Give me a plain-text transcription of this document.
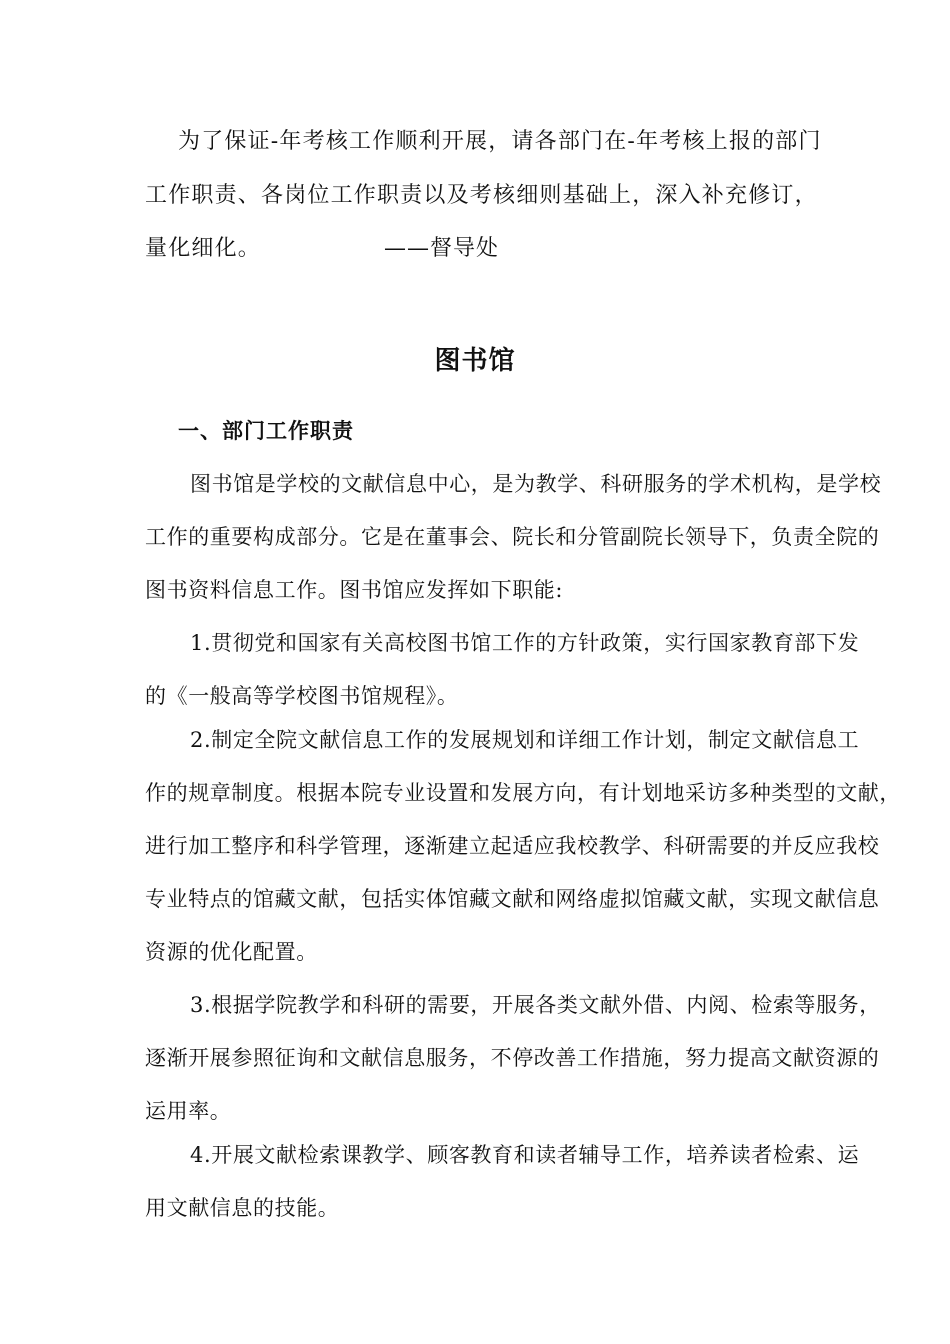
为了保证-年考核工作顺利开展，请各部门在-年考核上报的部门
工作职责、各岗位工作职责以及考核细则基础上，深入补充修订，
量化细化。	——督导处
图书馆
一、部门工作职责
图书馆是学校的文献信息中心，是为教学、科研服务的学术机构，是学校
工作的重要构成部分。它是在董事会、院长和分管副院长领导下，负责全院的
图书资料信息工作。图书馆应发挥如下职能:
1.贯彻党和国家有关高校图书馆工作的方针政策，实行国家教育部下发
的《一般高等学校图书馆规程》。
2.制定全院文献信息工作的发展规划和详细工作计划，制定文献信息工
作的规章制度。根据本院专业设置和发展方向，有计划地采访多种类型的文献，
进行加工整序和科学管理，逐渐建立起适应我校教学、科研需要的并反应我校
专业特点的馆藏文献，包括实体馆藏文献和网络虚拟馆藏文献，实现文献信息
资源的优化配置。
3.根据学院教学和科研的需要，开展各类文献外借、内阅、检索等服务，
逐渐开展参照征询和文献信息服务，不停改善工作措施，努力提高文献资源的
运用率。
4.开展文献检索课教学、顾客教育和读者辅导工作，培养读者检索、运
用文献信息的技能。
